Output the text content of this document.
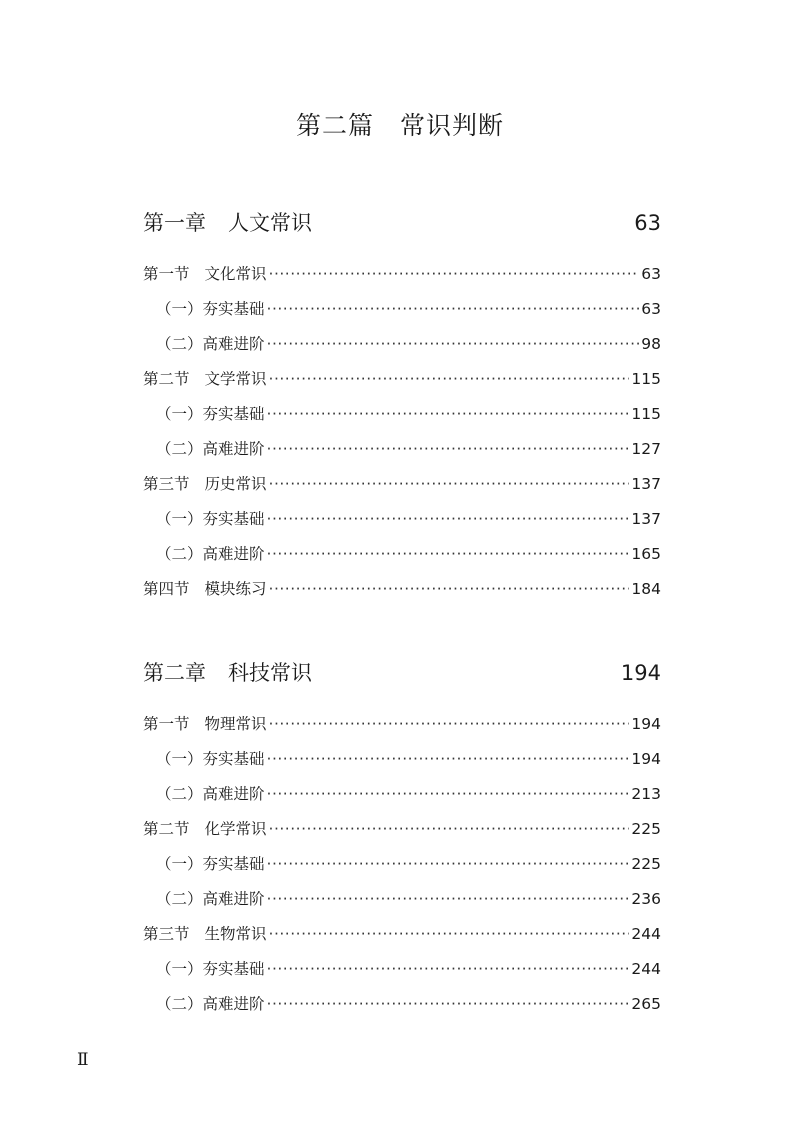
第二篇 常识判断
第一章 人文常识	63
第一节 文化常识 ·····	63
（一）夯实基础 ·····	63
（二）高难进阶 ·····	98
第二节 文学常识 ·····	115
（一）夯实基础 ·····	115
（二）高难进阶 ·····	127
第三节 历史常识 ·····	137
（一）夯实基础 ·····	137
（二）高难进阶 ·····	165
第四节 模块练习 ·····	184
第二章 科技常识	194
第一节 物理常识 ·····	194
（一）夯实基础 ·····	194
（二）高难进阶 ·····	213
第二节 化学常识 ·····	225
（一）夯实基础 ·····	225
（二）高难进阶 ·····	236
第三节 生物常识 ·····	244
（一）夯实基础 ·····	244
（二）高难进阶 ·····	265
Ⅱ
